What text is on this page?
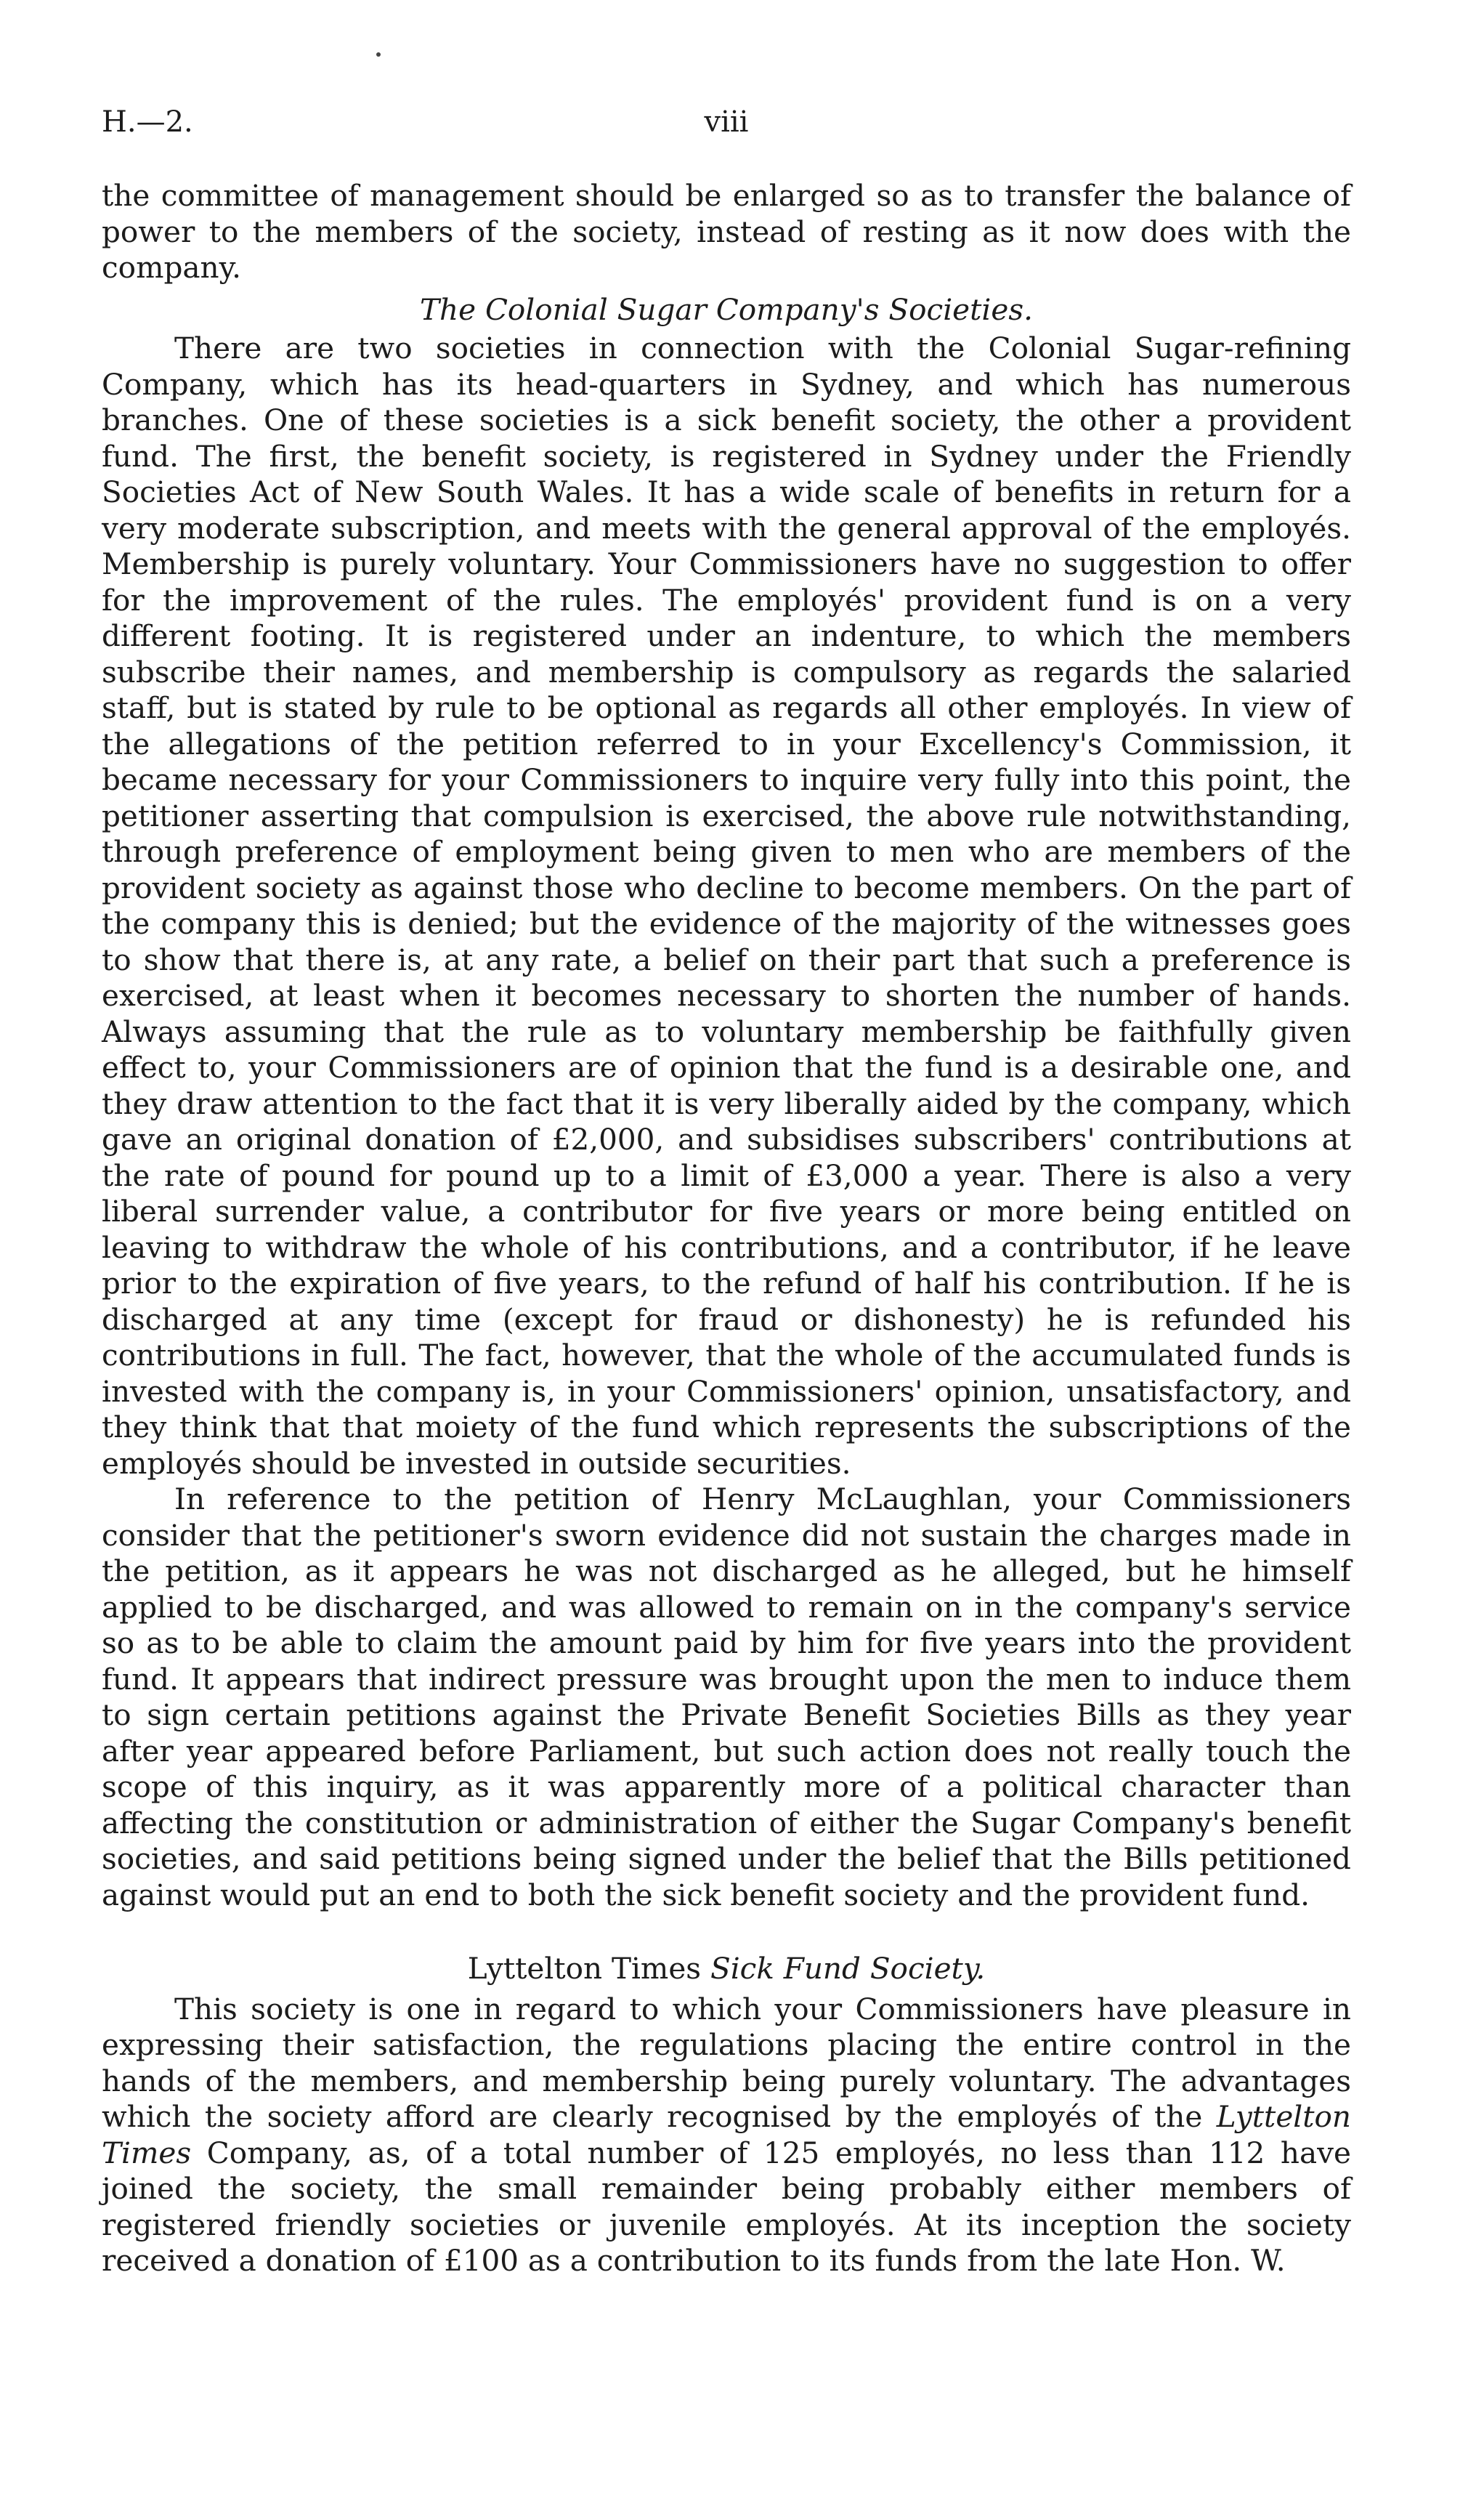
H.—2.	viii

the committee of management should be enlarged so as to transfer the balance of power to the members of the society, instead of resting as it now does with the company.

The Colonial Sugar Company's Societies.

There are two societies in connection with the Colonial Sugar-refining Company, which has its head-quarters in Sydney, and which has numerous branches. One of these societies is a sick benefit society, the other a provident fund. The first, the benefit society, is registered in Sydney under the Friendly Societies Act of New South Wales. It has a wide scale of benefits in return for a very moderate subscription, and meets with the general approval of the employés. Membership is purely voluntary. Your Commissioners have no suggestion to offer for the improvement of the rules. The employés' provident fund is on a very different footing. It is registered under an indenture, to which the members subscribe their names, and membership is compulsory as regards the salaried staff, but is stated by rule to be optional as regards all other employés. In view of the allegations of the petition referred to in your Excellency's Commission, it became necessary for your Commissioners to inquire very fully into this point, the petitioner asserting that compulsion is exercised, the above rule notwithstanding, through preference of employment being given to men who are members of the provident society as against those who decline to become members. On the part of the company this is denied; but the evidence of the majority of the witnesses goes to show that there is, at any rate, a belief on their part that such a preference is exercised, at least when it becomes necessary to shorten the number of hands. Always assuming that the rule as to voluntary membership be faithfully given effect to, your Commissioners are of opinion that the fund is a desirable one, and they draw attention to the fact that it is very liberally aided by the company, which gave an original donation of £2,000, and subsidises subscribers' contributions at the rate of pound for pound up to a limit of £3,000 a year. There is also a very liberal surrender value, a contributor for five years or more being entitled on leaving to withdraw the whole of his contributions, and a contributor, if he leave prior to the expiration of five years, to the refund of half his contribution. If he is discharged at any time (except for fraud or dishonesty) he is refunded his contributions in full. The fact, however, that the whole of the accumulated funds is invested with the company is, in your Commissioners' opinion, unsatisfactory, and they think that that moiety of the fund which represents the subscriptions of the employés should be invested in outside securities.

In reference to the petition of Henry McLaughlan, your Commissioners consider that the petitioner's sworn evidence did not sustain the charges made in the petition, as it appears he was not discharged as he alleged, but he himself applied to be discharged, and was allowed to remain on in the company's service so as to be able to claim the amount paid by him for five years into the provident fund. It appears that indirect pressure was brought upon the men to induce them to sign certain petitions against the Private Benefit Societies Bills as they year after year appeared before Parliament, but such action does not really touch the scope of this inquiry, as it was apparently more of a political character than affecting the constitution or administration of either the Sugar Company's benefit societies, and said petitions being signed under the belief that the Bills petitioned against would put an end to both the sick benefit society and the provident fund.

Lyttelton Times Sick Fund Society.

This society is one in regard to which your Commissioners have pleasure in expressing their satisfaction, the regulations placing the entire control in the hands of the members, and membership being purely voluntary. The advantages which the society afford are clearly recognised by the employés of the Lyttelton Times Company, as, of a total number of 125 employés, no less than 112 have joined the society, the small remainder being probably either members of registered friendly societies or juvenile employés. At its inception the society received a donation of £100 as a contribution to its funds from the late Hon. W.
